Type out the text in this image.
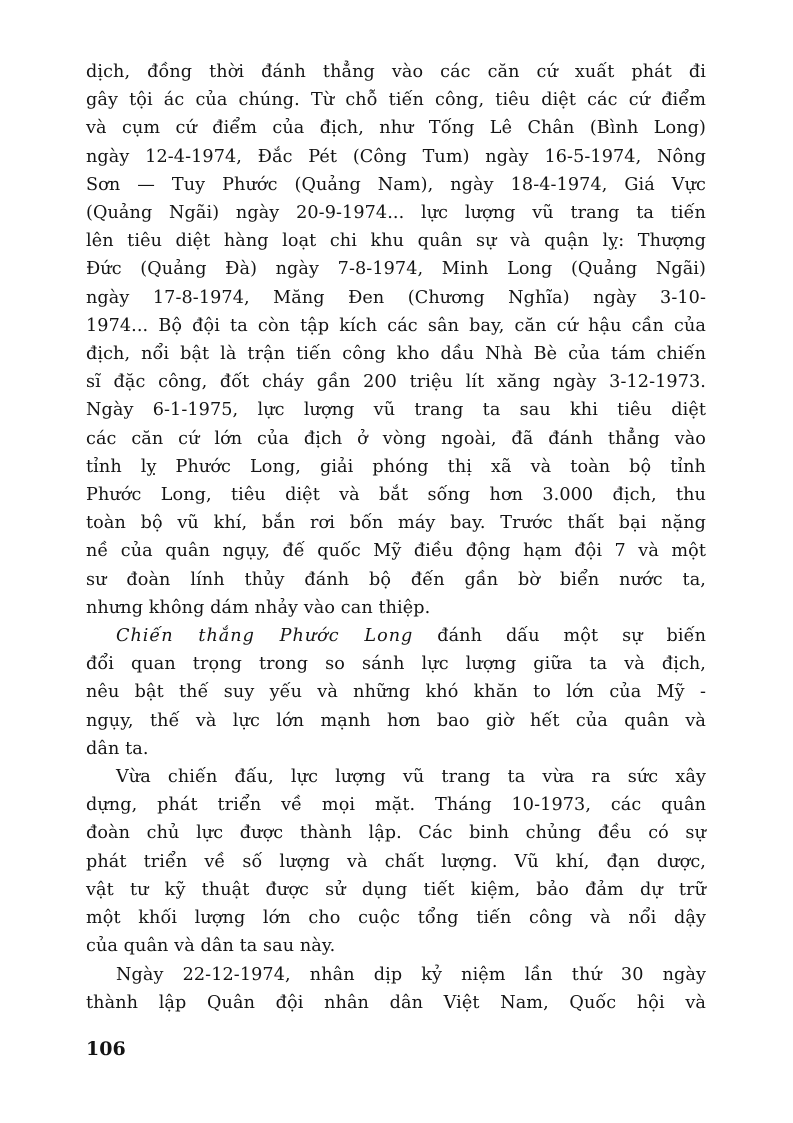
dịch, đồng thời đánh thẳng vào các căn cứ xuất phát đi
gây tội ác của chúng. Từ chỗ tiến công, tiêu diệt các cứ điểm
và cụm cứ điểm của địch, như Tống Lê Chân (Bình Long)
ngày 12-4-1974, Đắc Pét (Công Tum) ngày 16-5-1974, Nông
Sơn — Tuy Phước (Quảng Nam), ngày 18-4-1974, Giá Vực
(Quảng Ngãi) ngày 20-9-1974... lực lượng vũ trang ta tiến
lên tiêu diệt hàng loạt chi khu quân sự và quận lỵ: Thượng
Đức (Quảng Đà) ngày 7-8-1974, Minh Long (Quảng Ngãi)
ngày 17-8-1974, Măng Đen (Chương Nghĩa) ngày 3-10-
1974... Bộ đội ta còn tập kích các sân bay, căn cứ hậu cần của
địch, nổi bật là trận tiến công kho dầu Nhà Bè của tám chiến
sĩ đặc công, đốt cháy gần 200 triệu lít xăng ngày 3-12-1973.
Ngày 6-1-1975, lực lượng vũ trang ta sau khi tiêu diệt
các căn cứ lớn của địch ở vòng ngoài, đã đánh thẳng vào
tỉnh lỵ Phước Long, giải phóng thị xã và toàn bộ tỉnh
Phước Long, tiêu diệt và bắt sống hơn 3.000 địch, thu
toàn bộ vũ khí, bắn rơi bốn máy bay. Trước thất bại nặng
nề của quân ngụy, đế quốc Mỹ điều động hạm đội 7 và một
sư đoàn lính thủy đánh bộ đến gần bờ biển nước ta,
nhưng không dám nhảy vào can thiệp.

Chiến thắng Phước Long đánh dấu một sự biến
đổi quan trọng trong so sánh lực lượng giữa ta và địch,
nêu bật thế suy yếu và những khó khăn to lớn của Mỹ -
ngụy, thế và lực lớn mạnh hơn bao giờ hết của quân và
dân ta.

Vừa chiến đấu, lực lượng vũ trang ta vừa ra sức xây
dựng, phát triển về mọi mặt. Tháng 10-1973, các quân
đoàn chủ lực được thành lập. Các binh chủng đều có sự
phát triển về số lượng và chất lượng. Vũ khí, đạn dược,
vật tư kỹ thuật được sử dụng tiết kiệm, bảo đảm dự trữ
một khối lượng lớn cho cuộc tổng tiến công và nổi dậy
của quân và dân ta sau này.

Ngày 22-12-1974, nhân dịp kỷ niệm lần thứ 30 ngày
thành lập Quân đội nhân dân Việt Nam, Quốc hội và

106
